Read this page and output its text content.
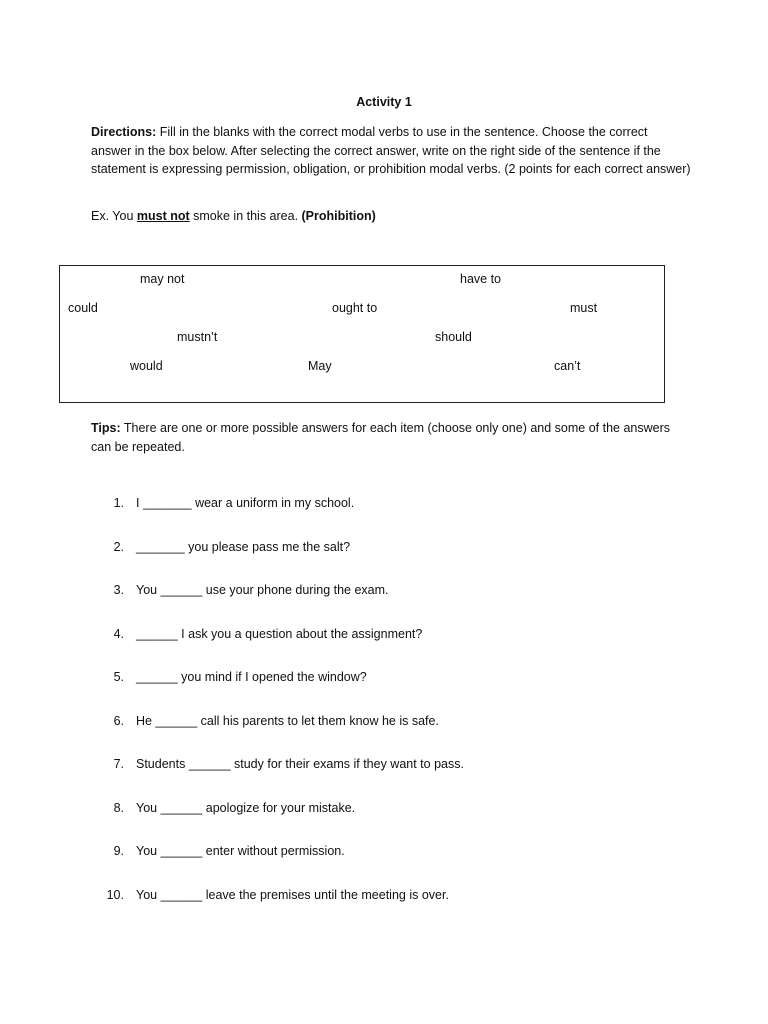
Activity 1
Directions: Fill in the blanks with the correct modal verbs to use in the sentence. Choose the correct answer in the box below. After selecting the correct answer, write on the right side of the sentence if the statement is expressing permission, obligation, or prohibition modal verbs. (2 points for each correct answer)
Ex. You must not smoke in this area. (Prohibition)
may not	have to
could	ought to	must
mustn’t	should
would	May	can’t
Tips: There are one or more possible answers for each item (choose only one) and some of the answers can be repeated.
1. I _______ wear a uniform in my school.
2. _______ you please pass me the salt?
3. You ______ use your phone during the exam.
4. ______ I ask you a question about the assignment?
5. ______ you mind if I opened the window?
6. He ______ call his parents to let them know he is safe.
7. Students ______ study for their exams if they want to pass.
8. You ______ apologize for your mistake.
9. You ______ enter without permission.
10. You ______ leave the premises until the meeting is over.
